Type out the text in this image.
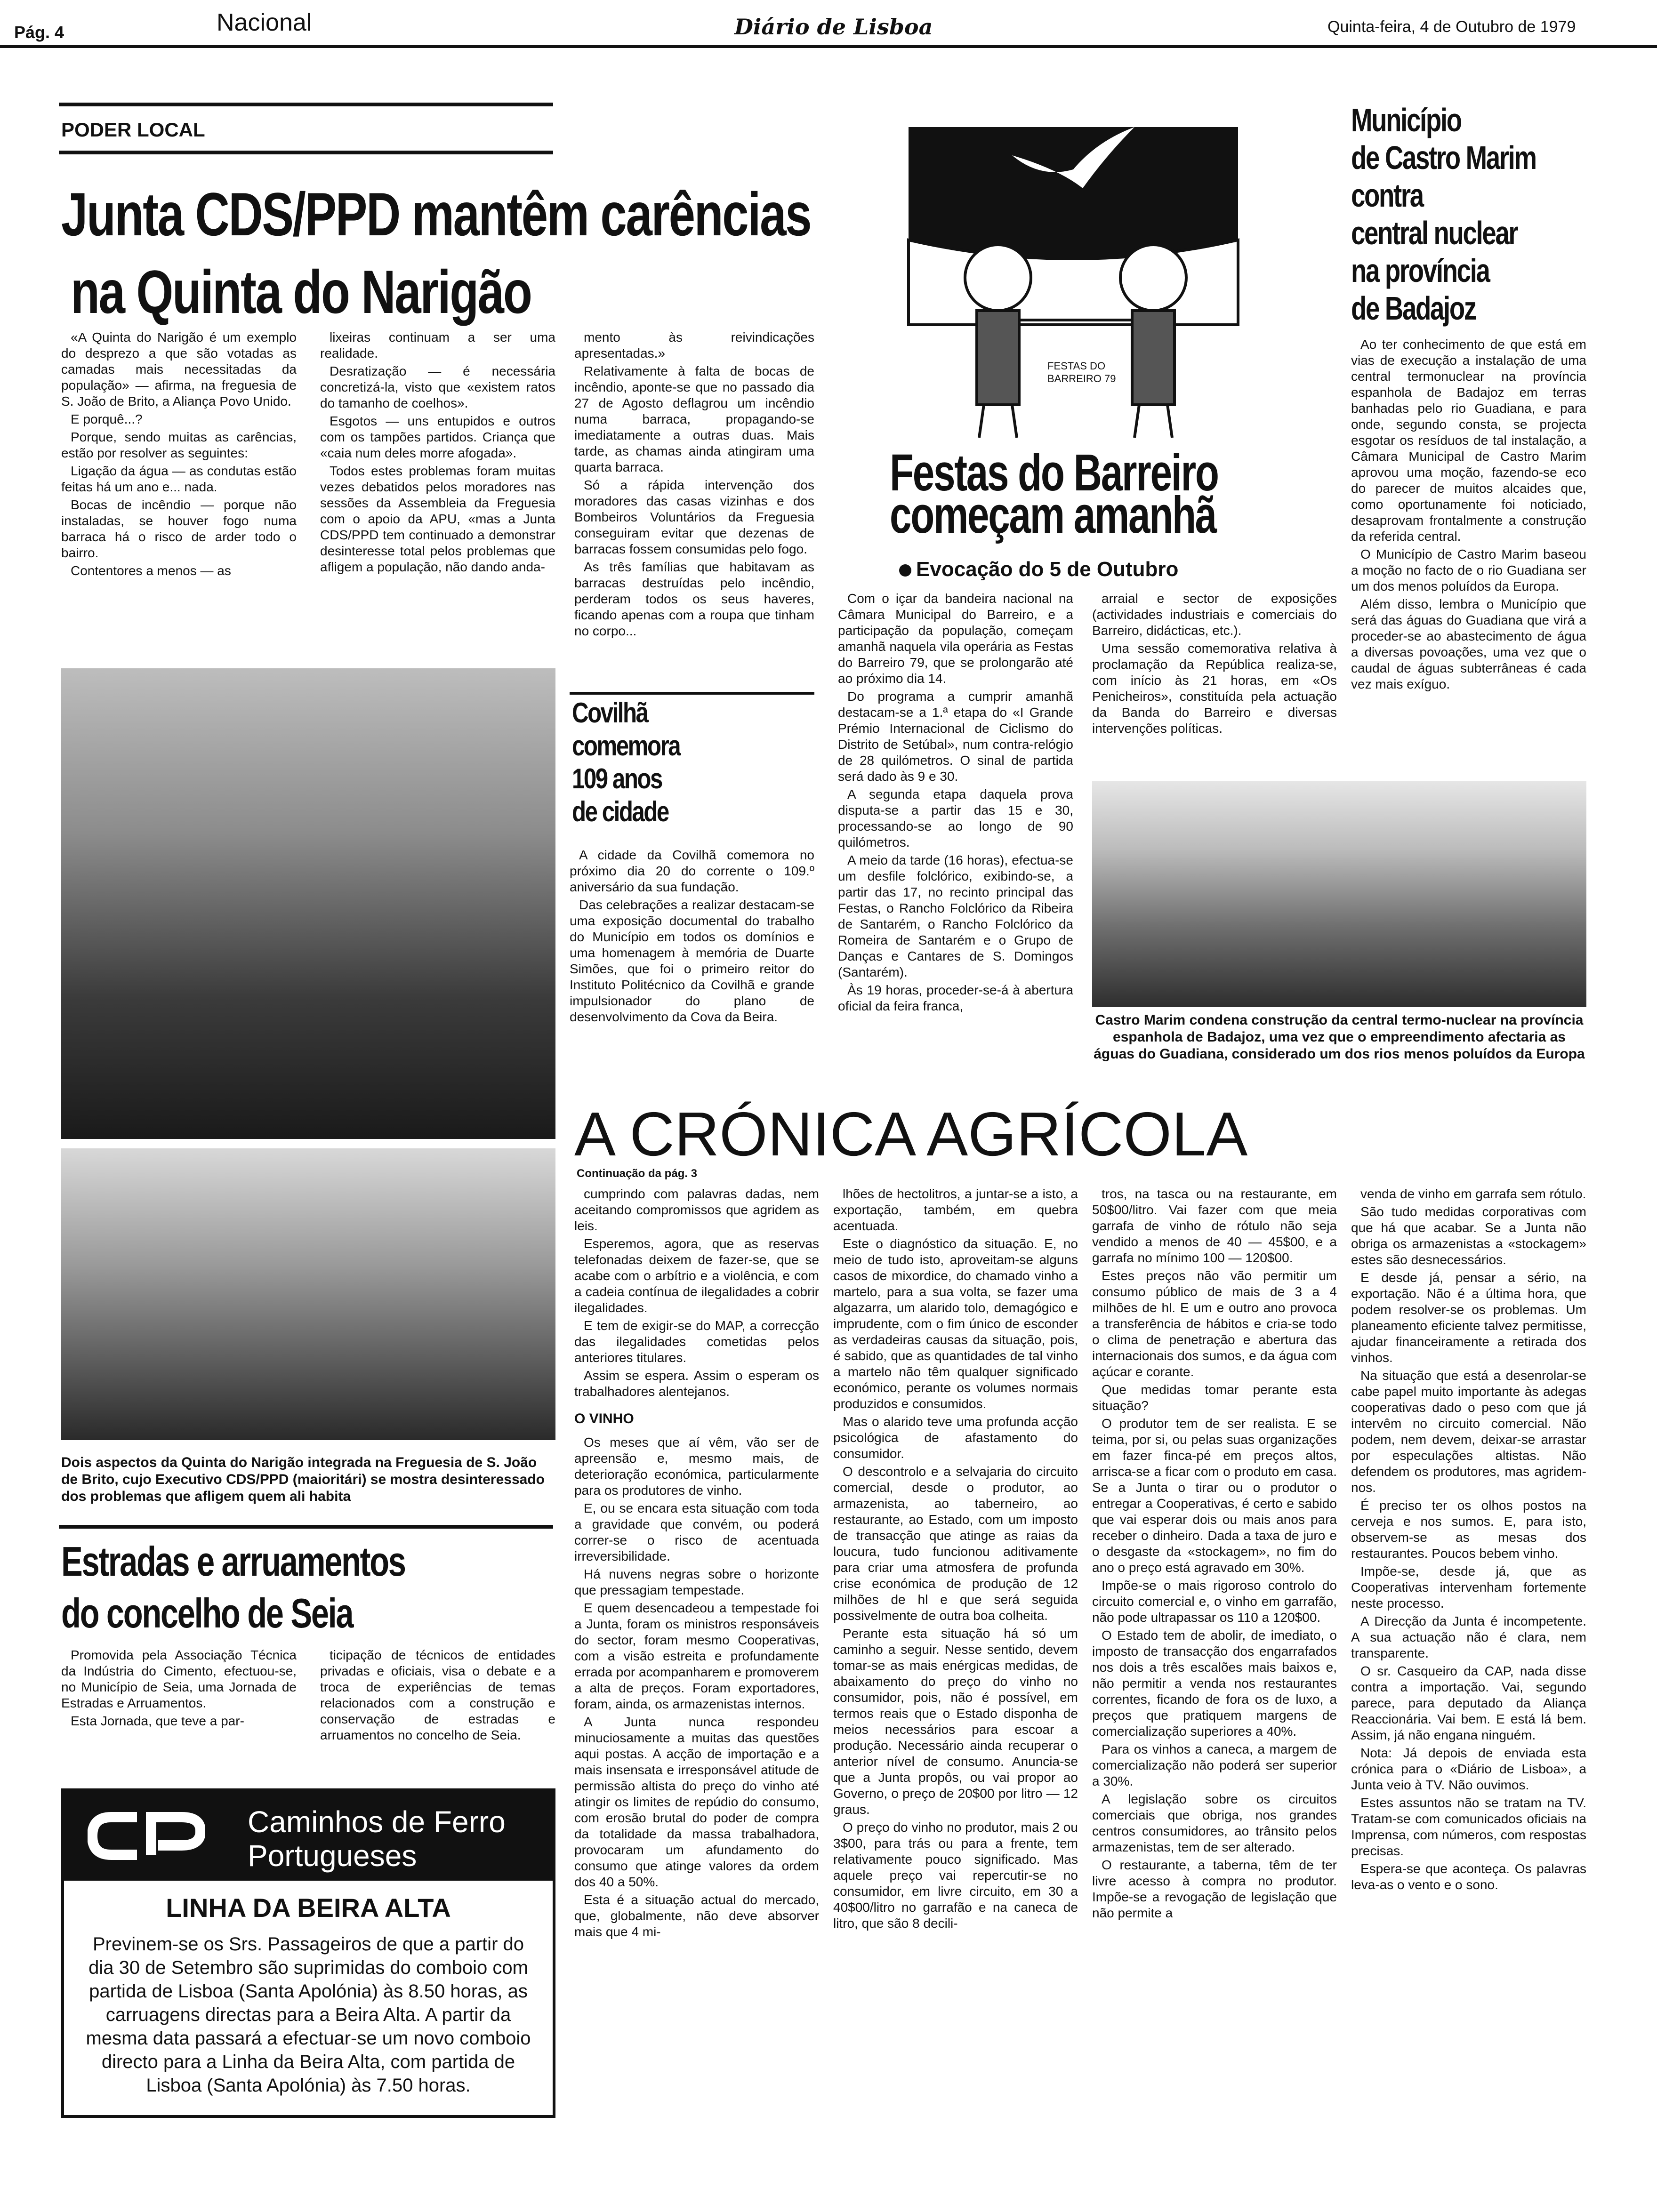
Pág. 4	Nacional	Diário de Lisboa	Quinta-feira, 4 de Outubro de 1979
PODER LOCAL
Junta CDS/PPD mantêm carências
na Quinta do Narigão

«A Quinta do Narigão é um exemplo do desprezo a que são votadas as camadas mais necessitadas da população» — afirma, na freguesia de S. João de Brito, a Aliança Povo Unido.

E porquê...?

Porque, sendo muitas as carências, estão por resolver as seguintes:

Ligação da água — as condutas estão feitas há um ano e... nada.

Bocas de incêndio — porque não instaladas, se houver fogo numa barraca há o risco de arder todo o bairro.

Contentores a menos — as

lixeiras continuam a ser uma realidade.

Desratização — é necessária concretizá-la, visto que «existem ratos do tamanho de coelhos».

Esgotos — uns entupidos e outros com os tampões partidos. Criança que «caia num deles morre afogada».

Todos estes problemas foram muitas vezes debatidos pelos moradores nas sessões da Assembleia da Freguesia com o apoio da APU, «mas a Junta CDS/PPD tem continuado a demonstrar desinteresse total pelos problemas que afligem a população, não dando anda-

mento às reivindicações apresentadas.»

Relativamente à falta de bocas de incêndio, aponte-se que no passado dia 27 de Agosto deflagrou um incêndio numa barraca, propagando-se imediatamente a outras duas. Mais tarde, as chamas ainda atingiram uma quarta barraca.

Só a rápida intervenção dos moradores das casas vizinhas e dos Bombeiros Voluntários da Freguesia conseguiram evitar que dezenas de barracas fossem consumidas pelo fogo.

As três famílias que habitavam as barracas destruídas pelo incêndio, perderam todos os seus haveres, ficando apenas com a roupa que tinham no corpo...

Dois aspectos da Quinta do Narigão integrada na Freguesia de S. João de Brito, cujo Executivo CDS/PPD (maioritári) se mostra desinteressado dos problemas que afligem quem ali habita
Covilhã
comemora
109 anos
de cidade

A cidade da Covilhã comemora no próximo dia 20 do corrente o 109.º aniversário da sua fundação.

Das celebrações a realizar destacam-se uma exposição documental do trabalho do Município em todos os domínios e uma homenagem à memória de Duarte Simões, que foi o primeiro reitor do Instituto Politécnico da Covilhã e grande impulsionador do plano de desenvolvimento da Cova da Beira.

FESTAS DO
BARREIRO 79
Festas do Barreiro
começam amanhã
Evocação do 5 de Outubro

Com o içar da bandeira nacional na Câmara Municipal do Barreiro, e a participação da população, começam amanhã naquela vila operária as Festas do Barreiro 79, que se prolongarão até ao próximo dia 14.

Do programa a cumprir amanhã destacam-se a 1.ª etapa do «I Grande Prémio Internacional de Ciclismo do Distrito de Setúbal», num contra-relógio de 28 quilómetros. O sinal de partida será dado às 9 e 30.

A segunda etapa daquela prova disputa-se a partir das 15 e 30, processando-se ao longo de 90 quilómetros.

A meio da tarde (16 horas), efectua-se um desfile folclórico, exibindo-se, a partir das 17, no recinto principal das Festas, o Rancho Folclórico da Ribeira de Santarém, o Rancho Folclórico da Romeira de Santarém e o Grupo de Danças e Cantares de S. Domingos (Santarém).

Às 19 horas, proceder-se-á à abertura oficial da feira franca,

arraial e sector de exposições (actividades industriais e comerciais do Barreiro, didácticas, etc.).

Uma sessão comemorativa relativa à proclamação da República realiza-se, com início às 21 horas, em «Os Penicheiros», constituída pela actuação da Banda do Barreiro e diversas intervenções políticas.

Município
de Castro Marim
contra
central nuclear
na província
de Badajoz

Ao ter conhecimento de que está em vias de execução a instalação de uma central termonuclear na província espanhola de Badajoz em terras banhadas pelo rio Guadiana, e para onde, segundo consta, se projecta esgotar os resíduos de tal instalação, a Câmara Municipal de Castro Marim aprovou uma moção, fazendo-se eco do parecer de muitos alcaides que, como oportunamente foi noticiado, desaprovam frontalmente a construção da referida central.

O Município de Castro Marim baseou a moção no facto de o rio Guadiana ser um dos menos poluídos da Europa.

Além disso, lembra o Município que será das águas do Guadiana que virá a proceder-se ao abastecimento de água a diversas povoações, uma vez que o caudal de águas subterrâneas é cada vez mais exíguo.

Castro Marim condena construção da central termo-nuclear na província espanhola de Badajoz, uma vez que o empreendimento afectaria as águas do Guadiana, considerado um dos rios menos poluídos da Europa
A CRÓNICA AGRÍCOLA
Continuação da pág. 3

cumprindo com palavras dadas, nem aceitando compromissos que agridem as leis.

Esperemos, agora, que as reservas telefonadas deixem de fazer-se, que se acabe com o arbítrio e a violência, e com a cadeia contínua de ilegalidades a cobrir ilegalidades.

E tem de exigir-se do MAP, a correcção das ilegalidades cometidas pelos anteriores titulares.

Assim se espera. Assim o esperam os trabalhadores alentejanos.

O VINHO

Os meses que aí vêm, vão ser de apreensão e, mesmo mais, de deterioração económica, particularmente para os produtores de vinho.

E, ou se encara esta situação com toda a gravidade que convém, ou poderá correr-se o risco de acentuada irreversibilidade.

Há nuvens negras sobre o horizonte que pressagiam tempestade.

E quem desencadeou a tempestade foi a Junta, foram os ministros responsáveis do sector, foram mesmo Cooperativas, com a visão estreita e profundamente errada por acompanharem e promoverem a alta de preços. Foram exportadores, foram, ainda, os armazenistas internos.

A Junta nunca respondeu minuciosamente a muitas das questões aqui postas. A acção de importação e a mais insensata e irresponsável atitude de permissão altista do preço do vinho até atingir os limites de repúdio do consumo, com erosão brutal do poder de compra da totalidade da massa trabalhadora, provocaram um afundamento do consumo que atinge valores da ordem dos 40 a 50%.

Esta é a situação actual do mercado, que, globalmente, não deve absorver mais que 4 mi-

lhões de hectolitros, a juntar-se a isto, a exportação, também, em quebra acentuada.

Este o diagnóstico da situação. E, no meio de tudo isto, aproveitam-se alguns casos de mixordice, do chamado vinho a martelo, para a sua volta, se fazer uma algazarra, um alarido tolo, demagógico e imprudente, com o fim único de esconder as verdadeiras causas da situação, pois, é sabido, que as quantidades de tal vinho a martelo não têm qualquer significado económico, perante os volumes normais produzidos e consumidos.

Mas o alarido teve uma profunda acção psicológica de afastamento do consumidor.

O descontrolo e a selvajaria do circuito comercial, desde o produtor, ao armazenista, ao taberneiro, ao restaurante, ao Estado, com um imposto de transacção que atinge as raias da loucura, tudo funcionou aditivamente para criar uma atmosfera de profunda crise económica de produção de 12 milhões de hl e que será seguida possivelmente de outra boa colheita.

Perante esta situação há só um caminho a seguir. Nesse sentido, devem tomar-se as mais enérgicas medidas, de abaixamento do preço do vinho no consumidor, pois, não é possível, em termos reais que o Estado disponha de meios necessários para escoar a produção. Necessário ainda recuperar o anterior nível de consumo. Anuncia-se que a Junta propôs, ou vai propor ao Governo, o preço de 20$00 por litro — 12 graus.

O preço do vinho no produtor, mais 2 ou 3$00, para trás ou para a frente, tem relativamente pouco significado. Mas aquele preço vai repercutir-se no consumidor, em livre circuito, em 30 a 40$00/litro no garrafão e na caneca de litro, que são 8 decili-

tros, na tasca ou na restaurante, em 50$00/litro. Vai fazer com que meia garrafa de vinho de rótulo não seja vendido a menos de 40 — 45$00, e a garrafa no mínimo 100 — 120$00.

Estes preços não vão permitir um consumo público de mais de 3 a 4 milhões de hl. E um e outro ano provoca a transferência de hábitos e cria-se todo o clima de penetração e abertura das internacionais dos sumos, e da água com açúcar e corante.

Que medidas tomar perante esta situação?

O produtor tem de ser realista. E se teima, por si, ou pelas suas organizações em fazer finca-pé em preços altos, arrisca-se a ficar com o produto em casa. Se a Junta o tirar ou o produtor o entregar a Cooperativas, é certo e sabido que vai esperar dois ou mais anos para receber o dinheiro. Dada a taxa de juro e o desgaste da «stockagem», no fim do ano o preço está agravado em 30%.

Impõe-se o mais rigoroso controlo do circuito comercial e, o vinho em garrafão, não pode ultrapassar os 110 a 120$00.

O Estado tem de abolir, de imediato, o imposto de transacção dos engarrafados nos dois a três escalões mais baixos e, não permitir a venda nos restaurantes correntes, ficando de fora os de luxo, a preços que pratiquem margens de comercialização superiores a 40%.

Para os vinhos a caneca, a margem de comercialização não poderá ser superior a 30%.

A legislação sobre os circuitos comerciais que obriga, nos grandes centros consumidores, ao trânsito pelos armazenistas, tem de ser alterado.

O restaurante, a taberna, têm de ter livre acesso à compra no produtor. Impõe-se a revogação de legislação que não permite a

venda de vinho em garrafa sem rótulo.

São tudo medidas corporativas com que há que acabar. Se a Junta não obriga os armazenistas a «stockagem» estes são desnecessários.

E desde já, pensar a sério, na exportação. Não é a última hora, que podem resolver-se os problemas. Um planeamento eficiente talvez permitisse, ajudar financeiramente a retirada dos vinhos.

Na situação que está a desenrolar-se cabe papel muito importante às adegas cooperativas dado o peso com que já intervêm no circuito comercial. Não podem, nem devem, deixar-se arrastar por especulações altistas. Não defendem os produtores, mas agridem-nos.

É preciso ter os olhos postos na cerveja e nos sumos. E, para isto, observem-se as mesas dos restaurantes. Poucos bebem vinho.

Impõe-se, desde já, que as Cooperativas intervenham fortemente neste processo.

A Direcção da Junta é incompetente. A sua actuação não é clara, nem transparente.

O sr. Casqueiro da CAP, nada disse contra a importação. Vai, segundo parece, para deputado da Aliança Reaccionária. Vai bem. E está lá bem. Assim, já não engana ninguém.

Nota: Já depois de enviada esta crónica para o «Diário de Lisboa», a Junta veio à TV. Não ouvimos.

Estes assuntos não se tratam na TV. Tratam-se com comunicados oficiais na Imprensa, com números, com respostas precisas.

Espera-se que aconteça. Os palavras leva-as o vento e o sono.

Estradas e arruamentos
do concelho de Seia

Promovida pela Associação Técnica da Indústria do Cimento, efectuou-se, no Município de Seia, uma Jornada de Estradas e Arruamentos.

Esta Jornada, que teve a par-

ticipação de técnicos de entidades privadas e oficiais, visa o debate e a troca de experiências de temas relacionados com a construção e conservação de estradas e arruamentos no concelho de Seia.

Caminhos de Ferro
Portugueses
LINHA DA BEIRA ALTA
Previnem-se os Srs. Passageiros de que a partir do dia 30 de Setembro são suprimidas do comboio com partida de Lisboa (Santa Apolónia) às 8.50 horas, as carruagens directas para a Beira Alta. A partir da mesma data passará a efectuar-se um novo comboio directo para a Linha da Beira Alta, com partida de Lisboa (Santa Apolónia) às 7.50 horas.
